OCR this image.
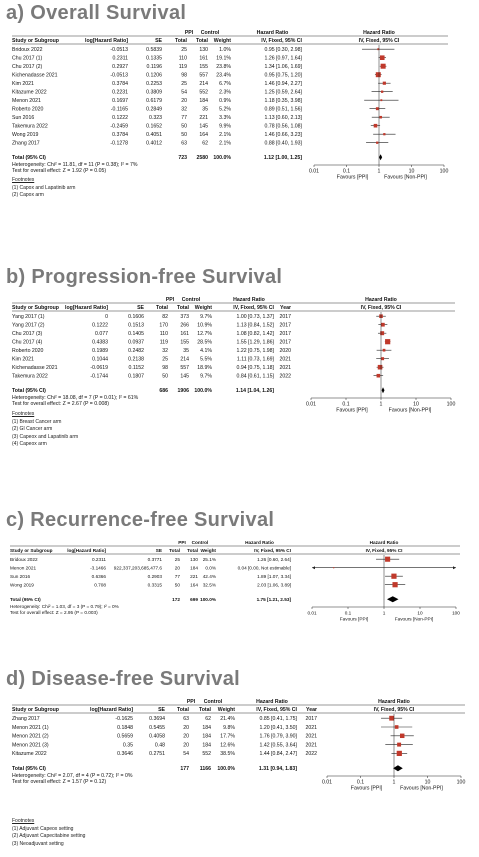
a) Overall Survival
PPI Control	Hazard Ratio	Hazard Ratio
Study or Subgroup	log[Hazard Ratio]	SE Total Total Weight	IV, Fixed, 95% CI	IV, Fixed, 95% CI
Bridoux 2022	-0.0513	0.5839	25 130 1.0%	0.95 [0.30, 2.98]
Chu 2017 (1)	0.2311	0.1335	110 161 19.1%	1.26 [0.97, 1.64]
Chu 2017 (2)	0.2927	0.1196	119 155 23.8%	1.34 [1.06, 1.69]
Kichenadasse 2021	-0.0513	0.1206	98 557 23.4%	0.95 [0.75, 1.20]
Kim 2021	0.3784	0.2253	25 214 6.7%	1.46 [0.94, 2.27]
Kitazume 2022	0.2231	0.3809	54 552 2.3%	1.25 [0.59, 2.64]
Menon 2021	0.1697	0.6179	20 184 0.9%	1.18 [0.35, 3.98]
Roberto 2020	-0.1165	0.2849	32	35 5.2%	0.89 [0.51, 1.56]
Sun 2016	0.1222	0.323	77 221 3.3%	1.13 [0.60, 2.13]
Takemura 2022	-0.2459	0.1652	50 145 9.9%	0.78 [0.56, 1.08]
Wong 2019	0.3784	0.4051	50 164 2.1%	1.46 [0.66, 3.23]
Zhang 2017	-0.1278	0.4012	63	62 2.1%	0.88 [0.40, 1.93]
Total (95% CI)	723 2580 100.0%	1.12 [1.00, 1.25]
Heterogeneity: Chi² = 11.81, df = 11 (P = 0.38); I² = 7%
Test for overall effect: Z = 1.92 (P = 0.05)	0.01	0.1	1	10	100
Favours [PPI]	Favours [Non-PPI]
Footnotes
(1) Capox and Lapatinib arm
(2) Capox arm
b) Progression-free Survival
PPI Control	Hazard Ratio	Hazard Ratio
Study or Subgroup log[Hazard Ratio]	SE Total Total Weight	IV, Fixed, 95% CI Year	IV, Fixed, 95% CI
Yang 2017 (1)	0	0.1606	82 373 9.7%	1.00 [0.73, 1.37] 2017
Yang 2017 (2)	0.1222	0.1513	170 266 10.9%	1.13 [0.84, 1.52] 2017
Chu 2017 (3)	0.077	0.1405	110 161 12.7%	1.08 [0.82, 1.42] 2017
Chu 2017 (4)	0.4383	0.0937	119 155 28.5%	1.55 [1.29, 1.86] 2017
Roberto 2020	0.1989	0.2482	32	35 4.1%	1.22 [0.75, 1.98] 2020
Kim 2021	0.1044	0.2138	25 214 5.5%	1.11 [0.73, 1.69] 2021
Kichenadasse 2021	-0.0619	0.1152	98 557 18.9%	0.94 [0.75, 1.18] 2021
Takemura 2022	-0.1744	0.1807	50 145 9.7%	0.84 [0.61, 1.15] 2022
Total (95% CI)	686 1906 100.0%	1.14 [1.04, 1.26]
Heterogeneity: Chi² = 18.08, df = 7 (P = 0.01); I² = 61%
Test for overall effect: Z = 2.67 (P = 0.008)	0.01	0.1	1	10	100
Favours [PPI]	Favours [Non-PPI]
Footnotes
(1) Breast Cancer arm
(2) GI Cancer arm
(3) Capeox and Lapatinib arm
(4) Capeox arm
c) Recurrence-free Survival
PPI Control	Hazard Ratio	Hazard Ratio
Study or Subgroup	log[Hazard Ratio]	SE Total Total Weight	IV, Fixed, 95% CI	IV, Fixed, 95% CI
Bridoux 2022	0.2311	0.3771	25 130 25.1%	1.26 [0.60, 2.64]
Menon 2021	-3.1466 922,337,203,685,477.6	20 184 0.0%	0.04 [0.00, Not estimable]
Sun 2016	0.6366	0.2903	77 221 42.4%	1.89 [1.07, 3.34]
Wong 2019	0.708	0.3315	50 164 32.5%	2.03 [1.06, 3.89]
Total (95% CI)	172 699 100.0%	1.75 [1.21, 2.53]
Heterogeneity: Chi² = 1.03, df = 3 (P = 0.79); I² = 0%
Test for overall effect: Z = 2.95 (P = 0.003)	0.01	0.1	1	10	100
Favours [PPI]	Favours [Non-PPI]
d) Disease-free Survival
PPI Control	Hazard Ratio	Hazard Ratio
Study or Subgroup	log[Hazard Ratio]	SE Total Total Weight	IV, Fixed, 95% CI Year	IV, Fixed, 95% CI
Zhang 2017	-0.1625	0.3694	63	62 21.4%	0.85 [0.41, 1.75] 2017
Menon 2021 (1)	0.1848	0.5455	20	184 9.8%	1.20 [0.41, 3.50] 2021
Menon 2021 (2)	0.5659	0.4058	20	184 17.7%	1.76 [0.79, 3.90] 2021
Menon 2021 (3)	0.35	0.48	20	184 12.6%	1.42 [0.55, 3.64] 2021
Kitazume 2022	0.3646	0.2751	54	552 38.5%	1.44 [0.84, 2.47] 2022
Total (95% CI)	177 1166 100.0%	1.31 [0.94, 1.83]
Heterogeneity: Chi² = 2.07, df = 4 (P = 0.72); I² = 0%
Test for overall effect: Z = 1.57 (P = 0.12)	0.01	0.1	1	10	100
Favours [PPI]	Favours [Non-PPI]
Footnotes
(1) Adjuvant Capeox setting
(2) Adjuvant Capecitabine setting
(3) Neoadjuvant setting
